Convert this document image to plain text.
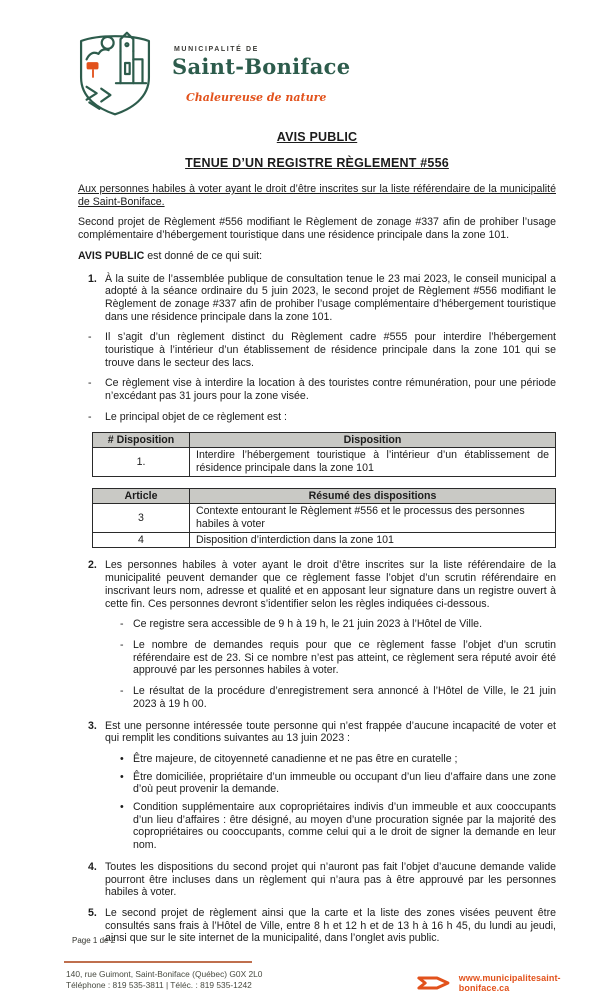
MUNICIPALITÉ DE
Saint-Boniface
Chaleureuse de nature
AVIS PUBLIC
TENUE D’UN REGISTRE RÈGLEMENT #556

Aux personnes habiles à voter ayant le droit d’être inscrites sur la liste référendaire de la municipalité de Saint-Boniface.

Second projet de Règlement #556 modifiant le Règlement de zonage #337 afin de prohiber l’usage complémentaire d’hébergement touristique dans une résidence principale dans la zone 101.

AVIS PUBLIC est donné de ce qui suit:

1. À la suite de l’assemblée publique de consultation tenue le 23 mai 2023, le conseil municipal a adopté à la séance ordinaire du 5 juin 2023, le second projet de Règlement #556 modifiant le Règlement de zonage #337 afin de prohiber l’usage complémentaire d’hébergement touristique dans une résidence principale dans la zone 101.
-	Il s’agit d’un règlement distinct du Règlement cadre #555 pour interdire l’hébergement touristique à l’intérieur d’un établissement de résidence principale dans la zone 101 qui se trouve dans le secteur des lacs.
-	Ce règlement vise à interdire la location à des touristes contre rémunération, pour une période n’excédant pas 31 jours pour la zone visée.
-	Le principal objet de ce règlement est :
# Disposition	Disposition
1.	Interdire l’hébergement touristique à l’intérieur d’un établissement de résidence principale dans la zone 101
Article	Résumé des dispositions
3	Contexte entourant le Règlement #556 et le processus des personnes habiles à voter
4	Disposition d’interdiction dans la zone 101
2. Les personnes habiles à voter ayant le droit d’être inscrites sur la liste référendaire de la municipalité peuvent demander que ce règlement fasse l’objet d’un scrutin référendaire en inscrivant leurs nom, adresse et qualité et en apposant leur signature dans un registre ouvert à cette fin. Ces personnes devront s’identifier selon les règles indiquées ci-dessous.
- Ce registre sera accessible de 9 h à 19 h, le 21 juin 2023 à l’Hôtel de Ville.
- Le nombre de demandes requis pour que ce règlement fasse l’objet d’un scrutin référendaire est de 23. Si ce nombre n’est pas atteint, ce règlement sera réputé avoir été approuvé par les personnes habiles à voter.
- Le résultat de la procédure d’enregistrement sera annoncé à l’Hôtel de Ville, le 21 juin 2023 à 19 h 00.
3. Est une personne intéressée toute personne qui n’est frappée d’aucune incapacité de voter et qui remplit les conditions suivantes au 13 juin 2023 :
• Être majeure, de citoyenneté canadienne et ne pas être en curatelle ;
• Être domiciliée, propriétaire d’un immeuble ou occupant d’un lieu d’affaire dans une zone d’où peut provenir la demande.
• Condition supplémentaire aux copropriétaires indivis d’un immeuble et aux cooccupants d’un lieu d’affaires : être désigné, au moyen d’une procuration signée par la majorité des copropriétaires ou cooccupants, comme celui qui a le droit de signer la demande en leur nom.
4. Toutes les dispositions du second projet qui n’auront pas fait l’objet d’aucune demande valide pourront être incluses dans un règlement qui n’aura pas à être approuvé par les personnes habiles à voter.
5. Le second projet de règlement ainsi que la carte et la liste des zones visées peuvent être consultés sans frais à l’Hôtel de Ville, entre 8 h et 12 h et de 13 h à 16 h 45, du lundi au jeudi, ainsi que sur le site internet de la municipalité, dans l’onglet avis public.
Page 1 de 2
140, rue Guimont, Saint-Boniface (Québec) G0X 2L0
Téléphone : 819 535-3811 | Téléc. : 819 535-1242
www.municipalitesaint-boniface.ca
